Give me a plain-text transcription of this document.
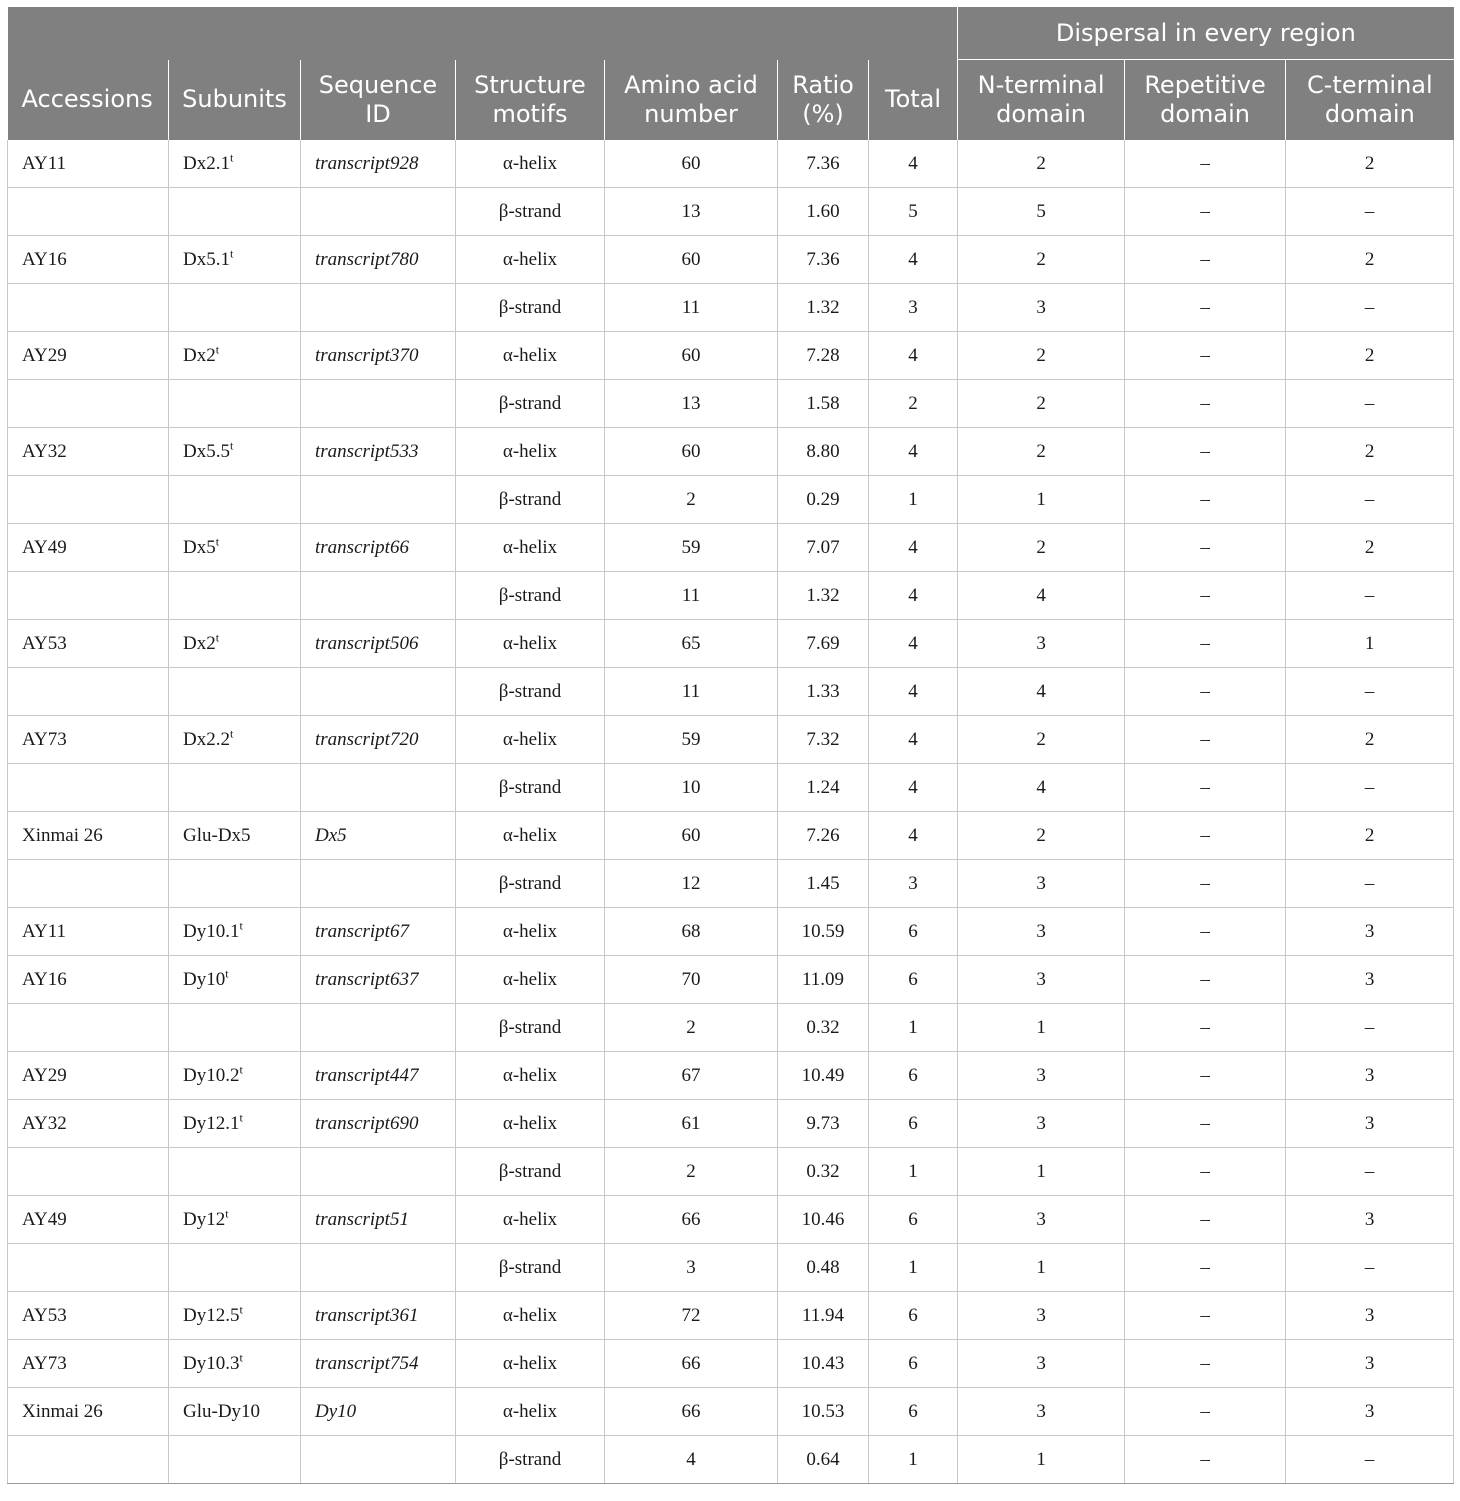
							Dispersal in every region		
Accessions	Subunits	Sequence ID	Structure motifs	Amino acid number	Ratio (%)	Total	N-terminal domain	Repetitive domain	C-terminal domain
AY11	Dx2.1$^t$	transcript928	α-helix	60	7.36	4	2	–	2
			β-strand	13	1.60	5	5	–	–
AY16	Dx5.1$^t$	transcript780	α-helix	60	7.36	4	2	–	2
			β-strand	11	1.32	3	3	–	–
AY29	Dx2$^t$	transcript370	α-helix	60	7.28	4	2	–	2
			β-strand	13	1.58	2	2	–	–
AY32	Dx5.5$^t$	transcript533	α-helix	60	8.80	4	2	–	2
			β-strand	2	0.29	1	1	–	–
AY49	Dx5$^t$	transcript66	α-helix	59	7.07	4	2	–	2
			β-strand	11	1.32	4	4	–	–
AY53	Dx2$^t$	transcript506	α-helix	65	7.69	4	3	–	1
			β-strand	11	1.33	4	4	–	–
AY73	Dx2.2$^t$	transcript720	α-helix	59	7.32	4	2	–	2
			β-strand	10	1.24	4	4	–	–
Xinmai 26	Glu-Dx5	Dx5	α-helix	60	7.26	4	2	–	2
			β-strand	12	1.45	3	3	–	–
AY11	Dy10.1$^t$	transcript67	α-helix	68	10.59	6	3	–	3
AY16	Dy10$^t$	transcript637	α-helix	70	11.09	6	3	–	3
			β-strand	2	0.32	1	1	–	–
AY29	Dy10.2$^t$	transcript447	α-helix	67	10.49	6	3	–	3
AY32	Dy12.1$^t$	transcript690	α-helix	61	9.73	6	3	–	3
			β-strand	2	0.32	1	1	–	–
AY49	Dy12$^t$	transcript51	α-helix	66	10.46	6	3	–	3
			β-strand	3	0.48	1	1	–	–
AY53	Dy12.5$^t$	transcript361	α-helix	72	11.94	6	3	–	3
AY73	Dy10.3$^t$	transcript754	α-helix	66	10.43	6	3	–	3
Xinmai 26	Glu-Dy10	Dy10	α-helix	66	10.53	6	3	–	3
			β-strand	4	0.64	1	1	–	–
